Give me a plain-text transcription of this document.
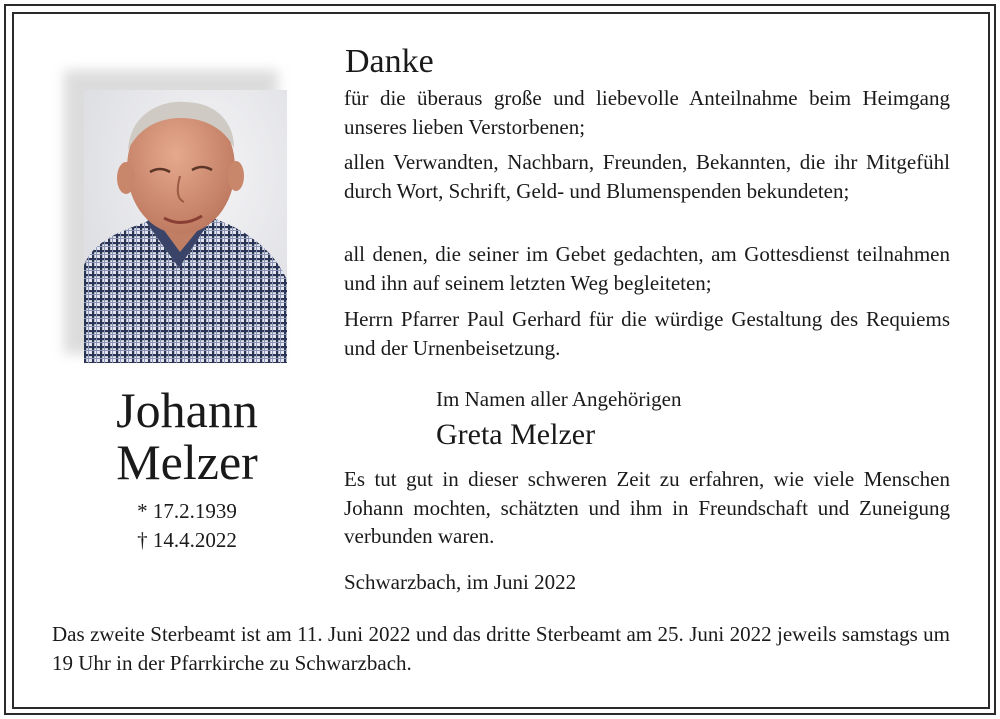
Johann
Melzer
* 17.2.1939
† 14.4.2022
Danke
für die überaus große und liebevolle Anteilnahme beim Heimgang unseres lieben Verstorbenen;
allen Verwandten, Nachbarn, Freunden, Bekannten, die ihr Mitgefühl durch Wort, Schrift, Geld- und Blumenspenden bekundeten;
all denen, die seiner im Gebet gedachten, am Gottesdienst teilnahmen und ihn auf seinem letzten Weg begleiteten;
Herrn Pfarrer Paul Gerhard für die würdige Gestaltung des Requiems und der Urnenbeisetzung.
Im Namen aller Angehörigen
Greta Melzer
Es tut gut in dieser schweren Zeit zu erfahren, wie viele Menschen Johann mochten, schätzten und ihm in Freundschaft und Zuneigung verbunden waren.
Schwarzbach, im Juni 2022
Das zweite Sterbeamt ist am 11. Juni 2022 und das dritte Sterbeamt am 25. Juni 2022 jeweils samstags um 19 Uhr in der Pfarrkirche zu Schwarzbach.
